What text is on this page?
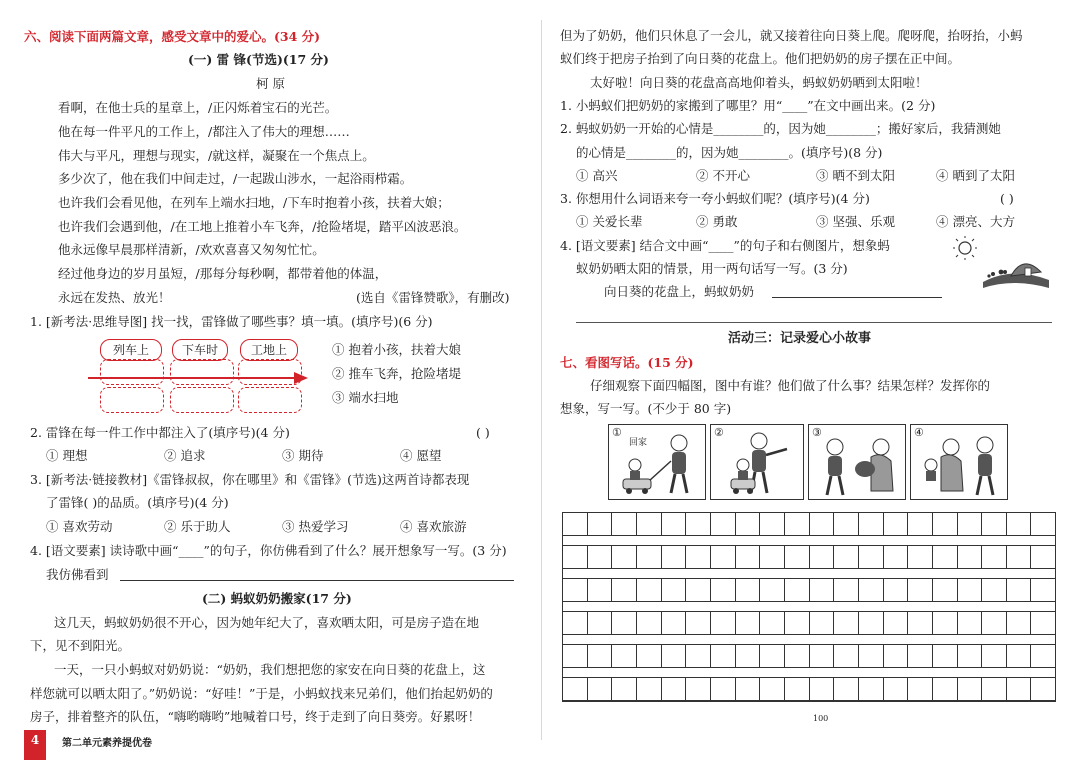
六、阅读下面两篇文章，感受文章中的爱心。(34 分)
(一) 雷 锋(节选)(17 分)
柯 原
看啊，在他士兵的星章上，/正闪烁着宝石的光芒。
他在每一件平凡的工作上，/都注入了伟大的理想……
伟大与平凡，理想与现实，/就这样，凝聚在一个焦点上。
多少次了，他在我们中间走过，/一起跋山涉水，一起浴雨栉霜。
也许我们会看见他，在列车上端水扫地，/下车时抱着小孩，扶着大娘；
也许我们会遇到他，/在工地上推着小车飞奔，/抢险堵堤，踏平凶波恶浪。
他永远像早晨那样清新，/欢欢喜喜又匆匆忙忙。
经过他身边的岁月虽短，/那每分每秒啊，都带着他的体温，
永远在发热、放光！	(选自《雷锋赞歌》，有删改)
1. [新考法·思维导图] 找一找，雷锋做了哪些事？填一填。(填序号)(6 分)
列车上	下车时	工地上	① 抱着小孩，扶着大娘
② 推车飞奔，抢险堵堤
③ 端水扫地
2. 雷锋在每一件工作中都注入了(填序号)(4 分)	( )
① 理想	② 追求	③ 期待	④ 愿望
3. [新考法·链接教材]《雷锋叔叔，你在哪里》和《雷锋》(节选)这两首诗都表现
了雷锋( )的品质。(填序号)(4 分)
① 喜欢劳动	② 乐于助人	③ 热爱学习	④ 喜欢旅游
4. [语文要素] 读诗歌中画“____”的句子，你仿佛看到了什么？展开想象写一写。(3 分)
我仿佛看到
(二) 蚂蚁奶奶搬家(17 分)
这几天，蚂蚁奶奶很不开心，因为她年纪大了，喜欢晒太阳，可是房子造在地
下，见不到阳光。
一天，一只小蚂蚁对奶奶说：“奶奶，我们想把您的家安在向日葵的花盘上，这
样您就可以晒太阳了。”奶奶说：“好哇！”于是，小蚂蚁找来兄弟们，他们抬起奶奶的
房子，排着整齐的队伍，“嗨哟嗨哟”地喊着口号，终于走到了向日葵旁。好累呀！
4	第二单元素养提优卷
但为了奶奶，他们只休息了一会儿，就又接着往向日葵上爬。爬呀爬，抬呀抬，小蚂
蚁们终于把房子抬到了向日葵的花盘上。他们把奶奶的房子摆在正中间。
太好啦！向日葵的花盘高高地仰着头，蚂蚁奶奶晒到太阳啦！
1. 小蚂蚁们把奶奶的家搬到了哪里？用“____”在文中画出来。(2 分)
2. 蚂蚁奶奶一开始的心情是________的，因为她________；搬好家后，我猜测她
的心情是________的，因为她________。(填序号)(8 分)
① 高兴	② 不开心	③ 晒不到太阳	④ 晒到了太阳
3. 你想用什么词语来夸一夸小蚂蚁们呢？(填序号)(4 分)	( )
① 关爱长辈	② 勇敢	③ 坚强、乐观	④ 漂亮、大方
4. [语文要素] 结合文中画“____”的句子和右侧图片，想象蚂
蚁奶奶晒太阳的情景，用一两句话写一写。(3 分)
向日葵的花盘上，蚂蚁奶奶
活动三：记录爱心小故事
七、看图写话。(15 分)
仔细观察下面四幅图，图中有谁？他们做了什么事？结果怎样？发挥你的
想象，写一写。(不少于 80 字)
①
回家
②	③	④
100
